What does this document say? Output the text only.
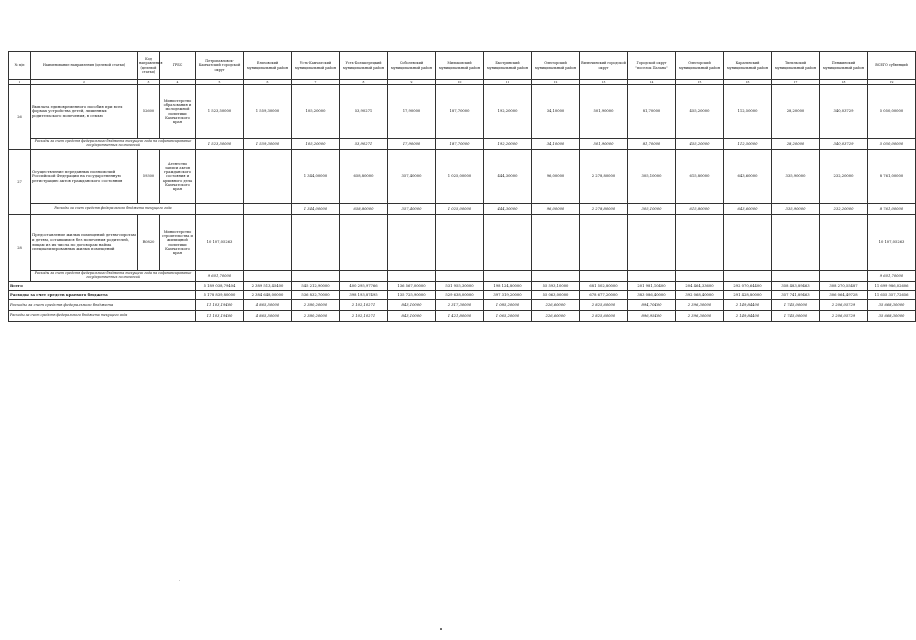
№ п/п	Наименование направления (целевой статьи)	Код направления (целевой статьи)	ГРБС	Петропавловск-Камчатский городской округ	Елизовский муниципальный район	Усть-Камчатский муниципальный район	Усть-Большерецкий муниципальный район	Соболевский муниципальный район	Мильковский муниципальный район	Быстринский муниципальный район	Олюторский муниципальный район	Вилючинский городской округ	Городской округ "поселок Палана"	Олюторский муниципальный район	Карагинский муниципальный район	Тигильский муниципальный район	Пенжинский муниципальный район	ВСЕГО субвенций
1	2	3	4	5	6	7	8	9	10	11	12	13	14	15	16	17	18	19
26	Выплата единовременного пособия при всех формах устройства детей, лишенных родительского попечения, в семью	52600	Министерство образования и молодежной политики Камчатского края	1 523,50000	1 559,30000	105,20000	53,90271	17,90000	187,70000	192,20000	34,10000	501,90000	81,70000	455,20000	112,50000	28,20000	340,03729	5 050,00000
	Расходы за счет средств федерального бюджета текущего года на софинансирование государственных полномочий			1 523,50000	1 559,30000	105,20000	53,90271	17,90000	187,70000	192,20000	34,10000	501,90000	81,70000	455,20000	112,50000	28,20000	340,03729	5 050,00000
27	Осуществление переданных полномочий Российской Федерации на государственную регистрацию актов гражданского состояния	59300	Агентство записи актов гражданского состояния и архивного дела Камчатского края			1 344,00000	658,80000	357,40000	1 025,00000	444,30000	96,00000	2 278,80000	305,10000	615,80000	643,60000	335,90000	232,20000	8 761,00000
	Расходы за счет средств федерального бюджета текущего года					1 344,00000	658,80000	357,40000	1 025,00000	444,30000	96,00000	2 278,80000	305,10000	615,80000	643,60000	335,90000	232,20000	8 761,00000
28	Предоставление жилых помещений детям-сиротам и детям, оставшимся без попечения родителей, лицам из их числа по договорам найма специализированных жилых помещений	R0820	Министерство строительства и жилищной политики Камчатского края	10 107,05263														10 107,05263
	Расходы за счет средств федерального бюджета текущего года на софинансирование государственных полномочий			9 601,70000														9 601,70000
Всего				5 189 038,79404	2 389 513,45400	545 212,90000	400 295,97766	136 567,00000	531 955,30000	198 124,80000	55 593,10000	681 502,80000	201 981,10400	204 464,33600	292 070,64400	358 483,89463	308 270,55487	11 699 986,02606
Расходы за счет средств краевого бюджета				5 178 839,80000	2 384 648,00000	536 832,70000	398 193,87495	135 725,90000	529 638,00000	397 319,20000	55 063,00000	678 677,20000	383 086,40000	392 068,40000	291 428,80000	357 741,89463	306 064,49728	11 655 357,72656
Расходы за счет средств федерального бюджета				11 103,19400	4 865,50000	2 380,20000	2 102,10271	843,10000	2 317,30000	1 085,20000	226,60000	2 825,60000	894,70400	2 396,30000	2 149,84400	1 745,00000	2 206,05729	35 668,30000
Расходы за счет средств федерального бюджета текущего года				11 103,19400	4 865,50000	2 380,20000	2 102,10271	843,10000	1 421,80000	1 065,20000	226,60000	2 825,60000	896,95400	2 396,30000	2 149,84400	1 745,00000	2 206,05729	35 668,30000
